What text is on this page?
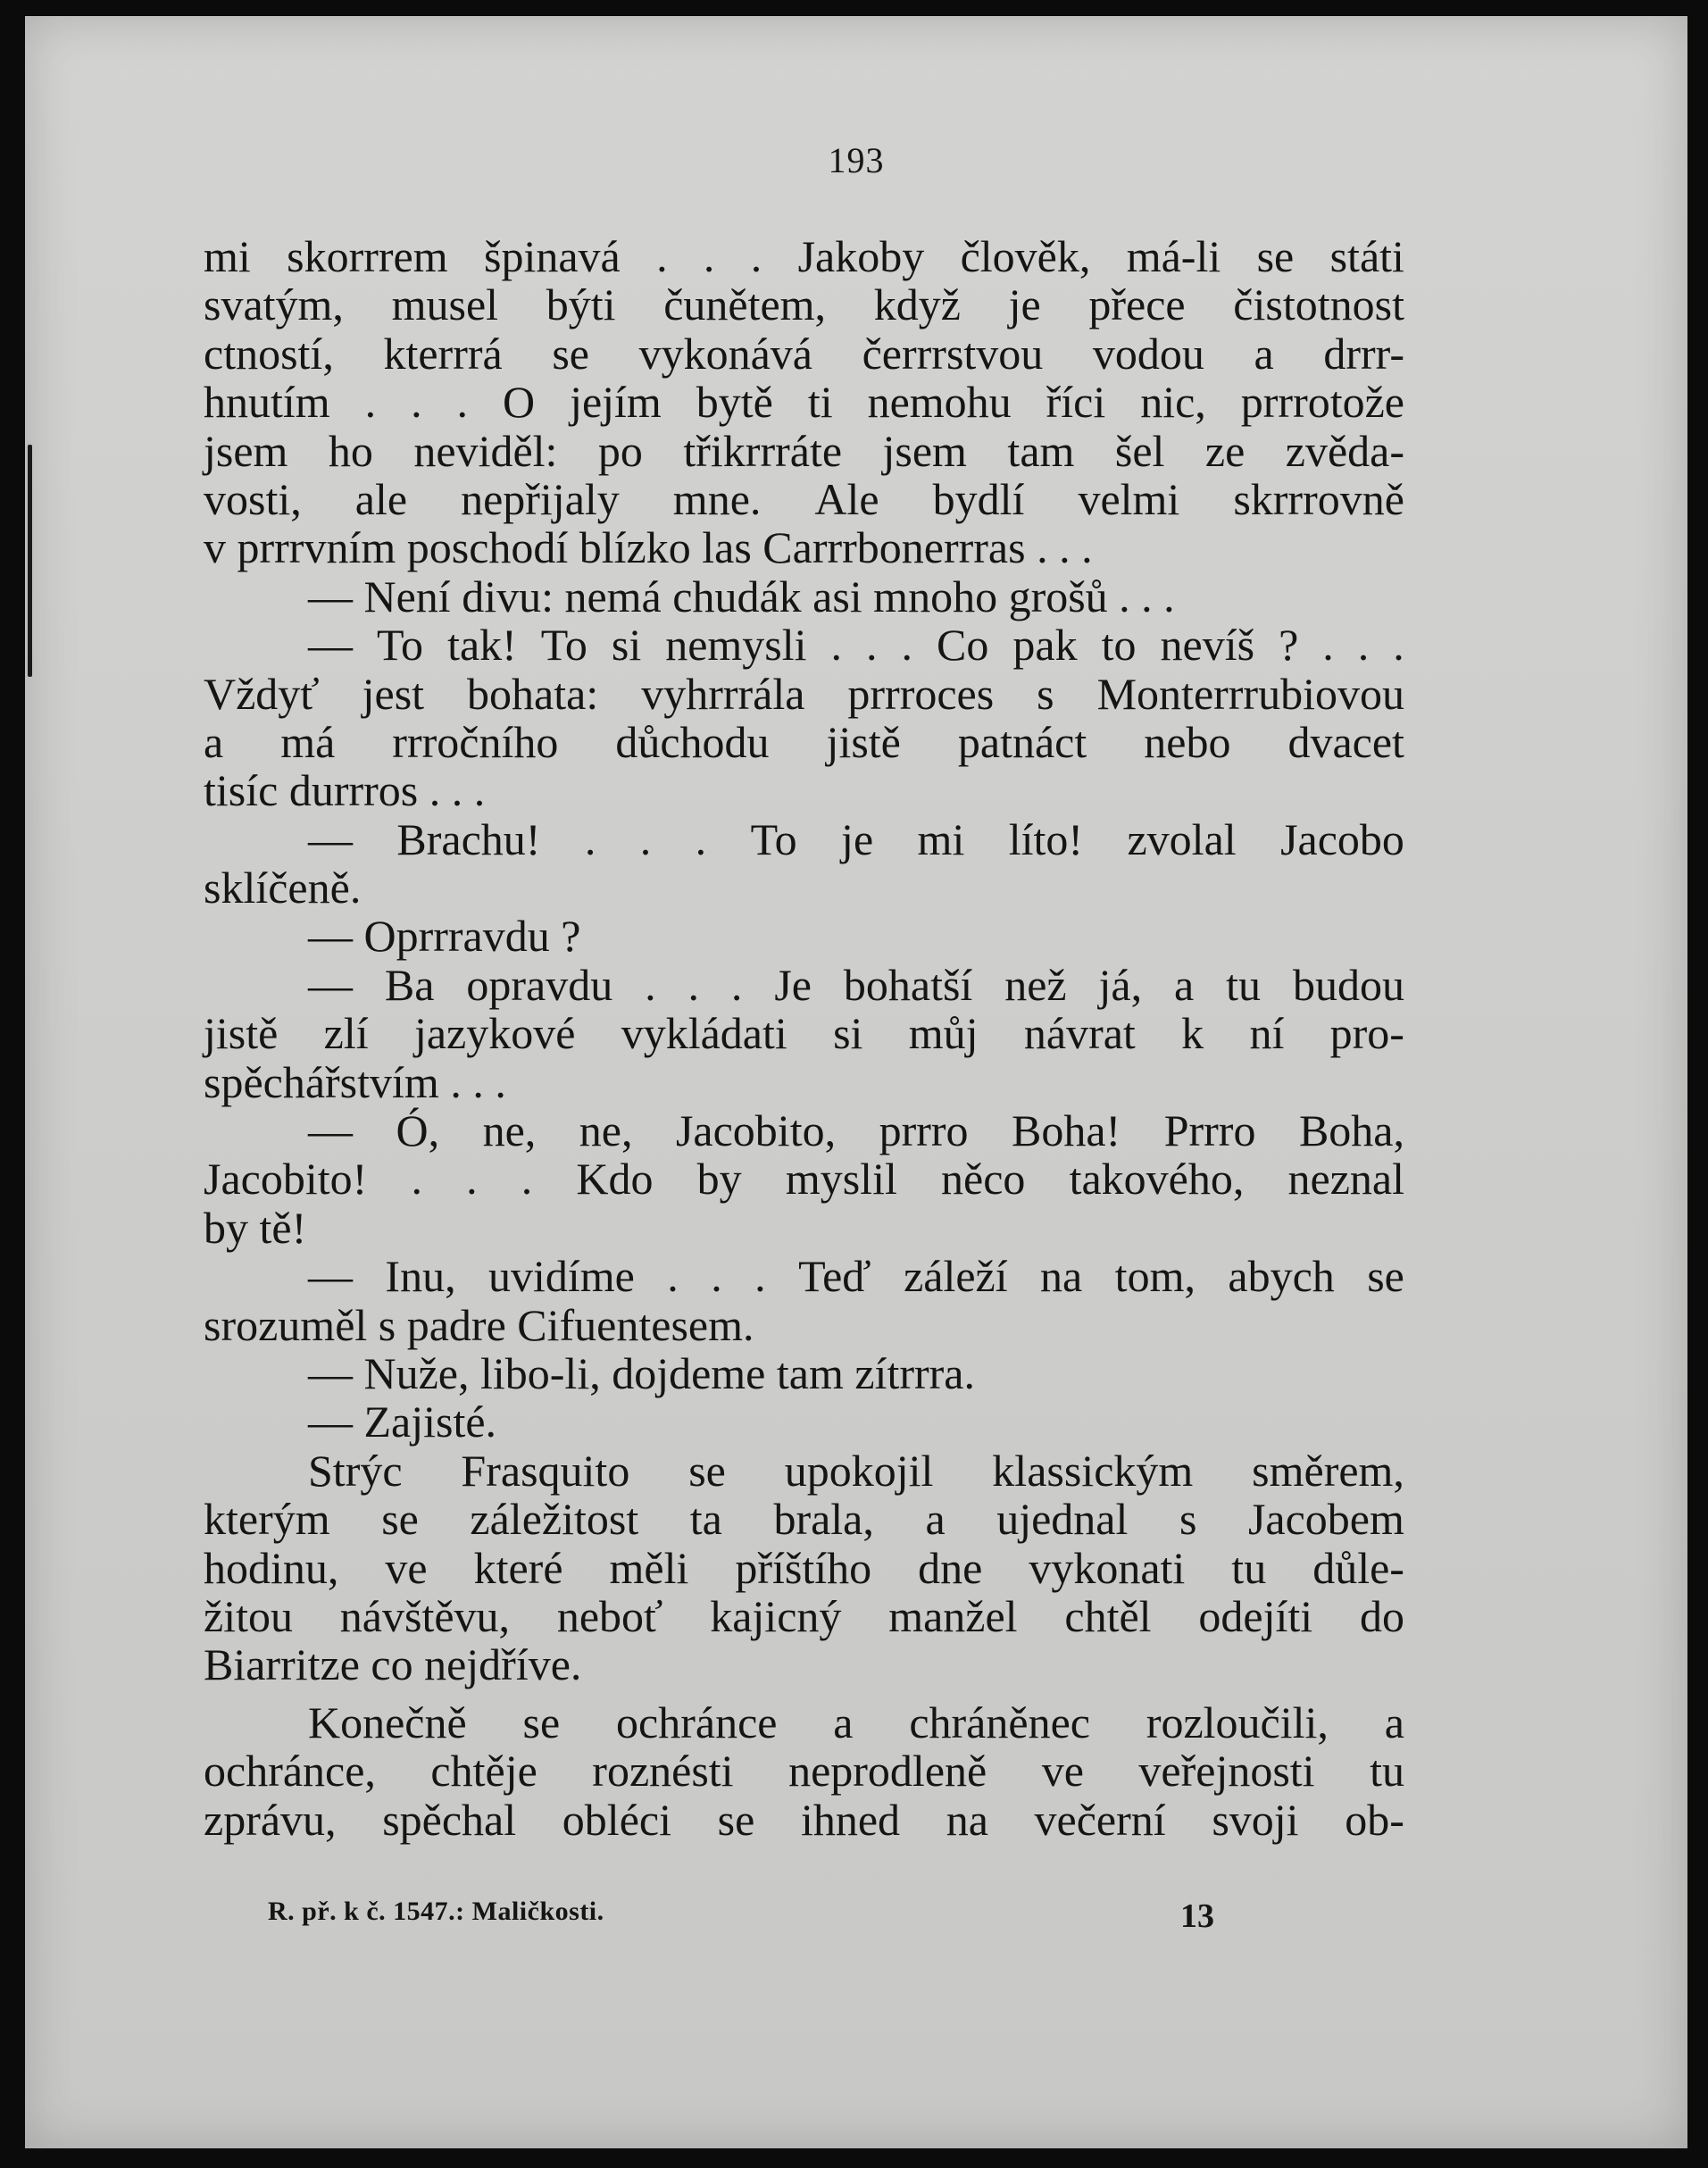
193
mi skorrrem špinavá . . . Jakoby člověk, má-li se státi
svatým, musel býti čunětem, když je přece čistotnost
ctností, kterrrá se vykonává čerrrstvou vodou a drrr-
hnutím . . . O jejím bytě ti nemohu říci nic, prrrotože
jsem ho neviděl: po třikrrráte jsem tam šel ze zvěda-
vosti, ale nepřijaly mne. Ale bydlí velmi skrrrovně
v prrrvním poschodí blízko las Carrrbonerrras . . .
— Není divu: nemá chudák asi mnoho grošů . . .
— To tak! To si nemysli . . . Co pak to nevíš ? . . .
Vždyť jest bohata: vyhrrrála prrroces s Monterrrubiovou
a má rrročního důchodu jistě patnáct nebo dvacet
tisíc durrros . . .
— Brachu! . . . To je mi líto! zvolal Jacobo
sklíčeně.
— Oprrravdu ?
— Ba opravdu . . . Je bohatší než já, a tu budou
jistě zlí jazykové vykládati si můj návrat k ní pro-
spěchářstvím . . .
— Ó, ne, ne, Jacobito, prrro Boha! Prrro Boha,
Jacobito! . . . Kdo by myslil něco takového, neznal
by tě!
— Inu, uvidíme . . . Teď záleží na tom, abych se
srozuměl s padre Cifuentesem.
— Nuže, libo-li, dojdeme tam zítrrra.
— Zajisté.
Strýc Frasquito se upokojil klassickým směrem,
kterým se záležitost ta brala, a ujednal s Jacobem
hodinu, ve které měli příštího dne vykonati tu důle-
žitou návštěvu, neboť kajicný manžel chtěl odejíti do
Biarritze co nejdříve.
Konečně se ochránce a chráněnec rozloučili, a
ochránce, chtěje roznésti neprodleně ve veřejnosti tu
zprávu, spěchal obléci se ihned na večerní svoji ob-
R. př. k č. 1547.: Maličkosti.	13
